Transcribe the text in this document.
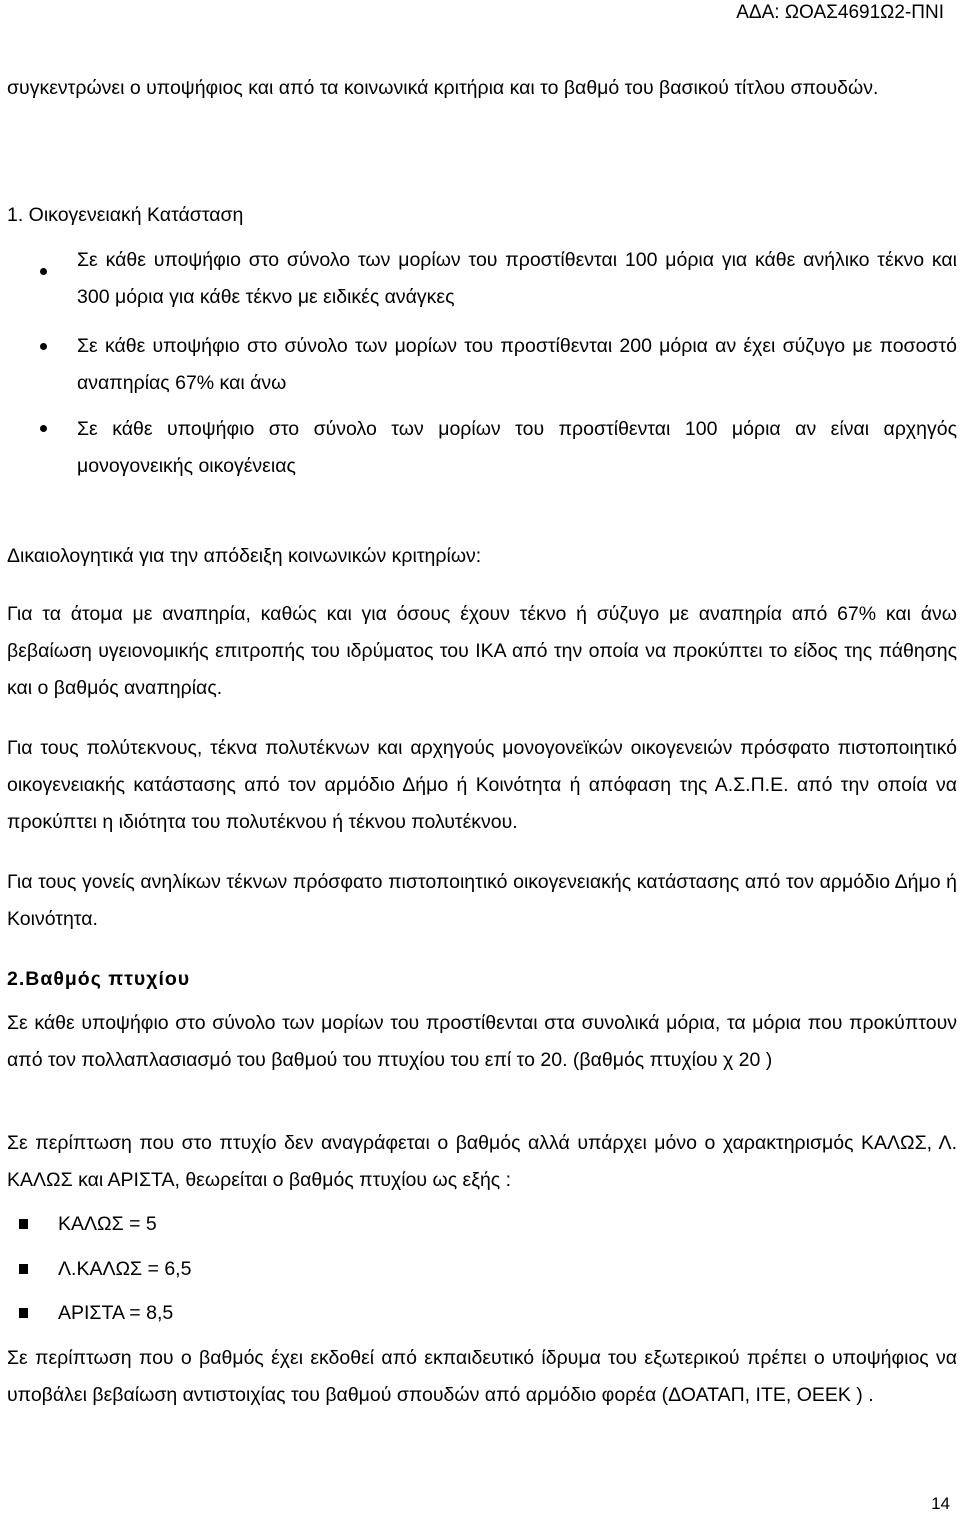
ΑΔΑ: ΩΟΑΣ4691Ω2-ΠΝΙ
συγκεντρώνει ο υποψήφιος και από τα κοινωνικά κριτήρια και το βαθμό του βασικού τίτλου σπουδών.
1. Οικογενειακή Κατάσταση
Σε κάθε υποψήφιο στο σύνολο των μορίων του προστίθενται 100 μόρια για κάθε ανήλικο τέκνο και 300 μόρια για κάθε τέκνο με ειδικές ανάγκες
Σε κάθε υποψήφιο στο σύνολο των μορίων του προστίθενται 200 μόρια αν έχει σύζυγο με ποσοστό αναπηρίας 67% και άνω
Σε κάθε υποψήφιο στο σύνολο των μορίων του προστίθενται 100 μόρια αν είναι αρχηγός μονογονεικής οικογένειας
Δικαιολογητικά για την απόδειξη κοινωνικών κριτηρίων:
Για τα άτομα με αναπηρία, καθώς και για όσους έχουν τέκνο ή σύζυγο με αναπηρία από 67% και άνω βεβαίωση υγειονομικής επιτροπής του ιδρύματος του ΙΚΑ από την οποία να προκύπτει το είδος της πάθησης και ο βαθμός αναπηρίας.
Για τους πολύτεκνους, τέκνα πολυτέκνων και αρχηγούς μονογονεϊκών οικογενειών πρόσφατο πιστοποιητικό οικογενειακής κατάστασης από τον αρμόδιο Δήμο ή Κοινότητα ή απόφαση της Α.Σ.Π.Ε. από την οποία να προκύπτει η ιδιότητα του πολυτέκνου ή τέκνου πολυτέκνου.
Για τους γονείς ανηλίκων τέκνων πρόσφατο πιστοποιητικό οικογενειακής κατάστασης από τον αρμόδιο Δήμο ή Κοινότητα.
2.Βαθμός πτυχίου
Σε κάθε υποψήφιο στο σύνολο των μορίων του προστίθενται στα συνολικά μόρια, τα μόρια που προκύπτουν από τον πολλαπλασιασμό του βαθμού του πτυχίου του επί το 20. (βαθμός πτυχίου χ 20 )
Σε περίπτωση που στο πτυχίο δεν αναγράφεται ο βαθμός αλλά υπάρχει μόνο ο χαρακτηρισμός ΚΑΛΩΣ, Λ. ΚΑΛΩΣ και ΑΡΙΣΤΑ, θεωρείται ο βαθμός πτυχίου ως εξής :
ΚΑΛΩΣ = 5
Λ.ΚΑΛΩΣ = 6,5
ΑΡΙΣΤΑ = 8,5
Σε περίπτωση που ο βαθμός έχει εκδοθεί από εκπαιδευτικό ίδρυμα του εξωτερικού πρέπει ο υποψήφιος να υποβάλει βεβαίωση αντιστοιχίας του βαθμού σπουδών από αρμόδιο φορέα (ΔΟΑΤΑΠ, ΙΤΕ, ΟΕΕΚ ) .
14
